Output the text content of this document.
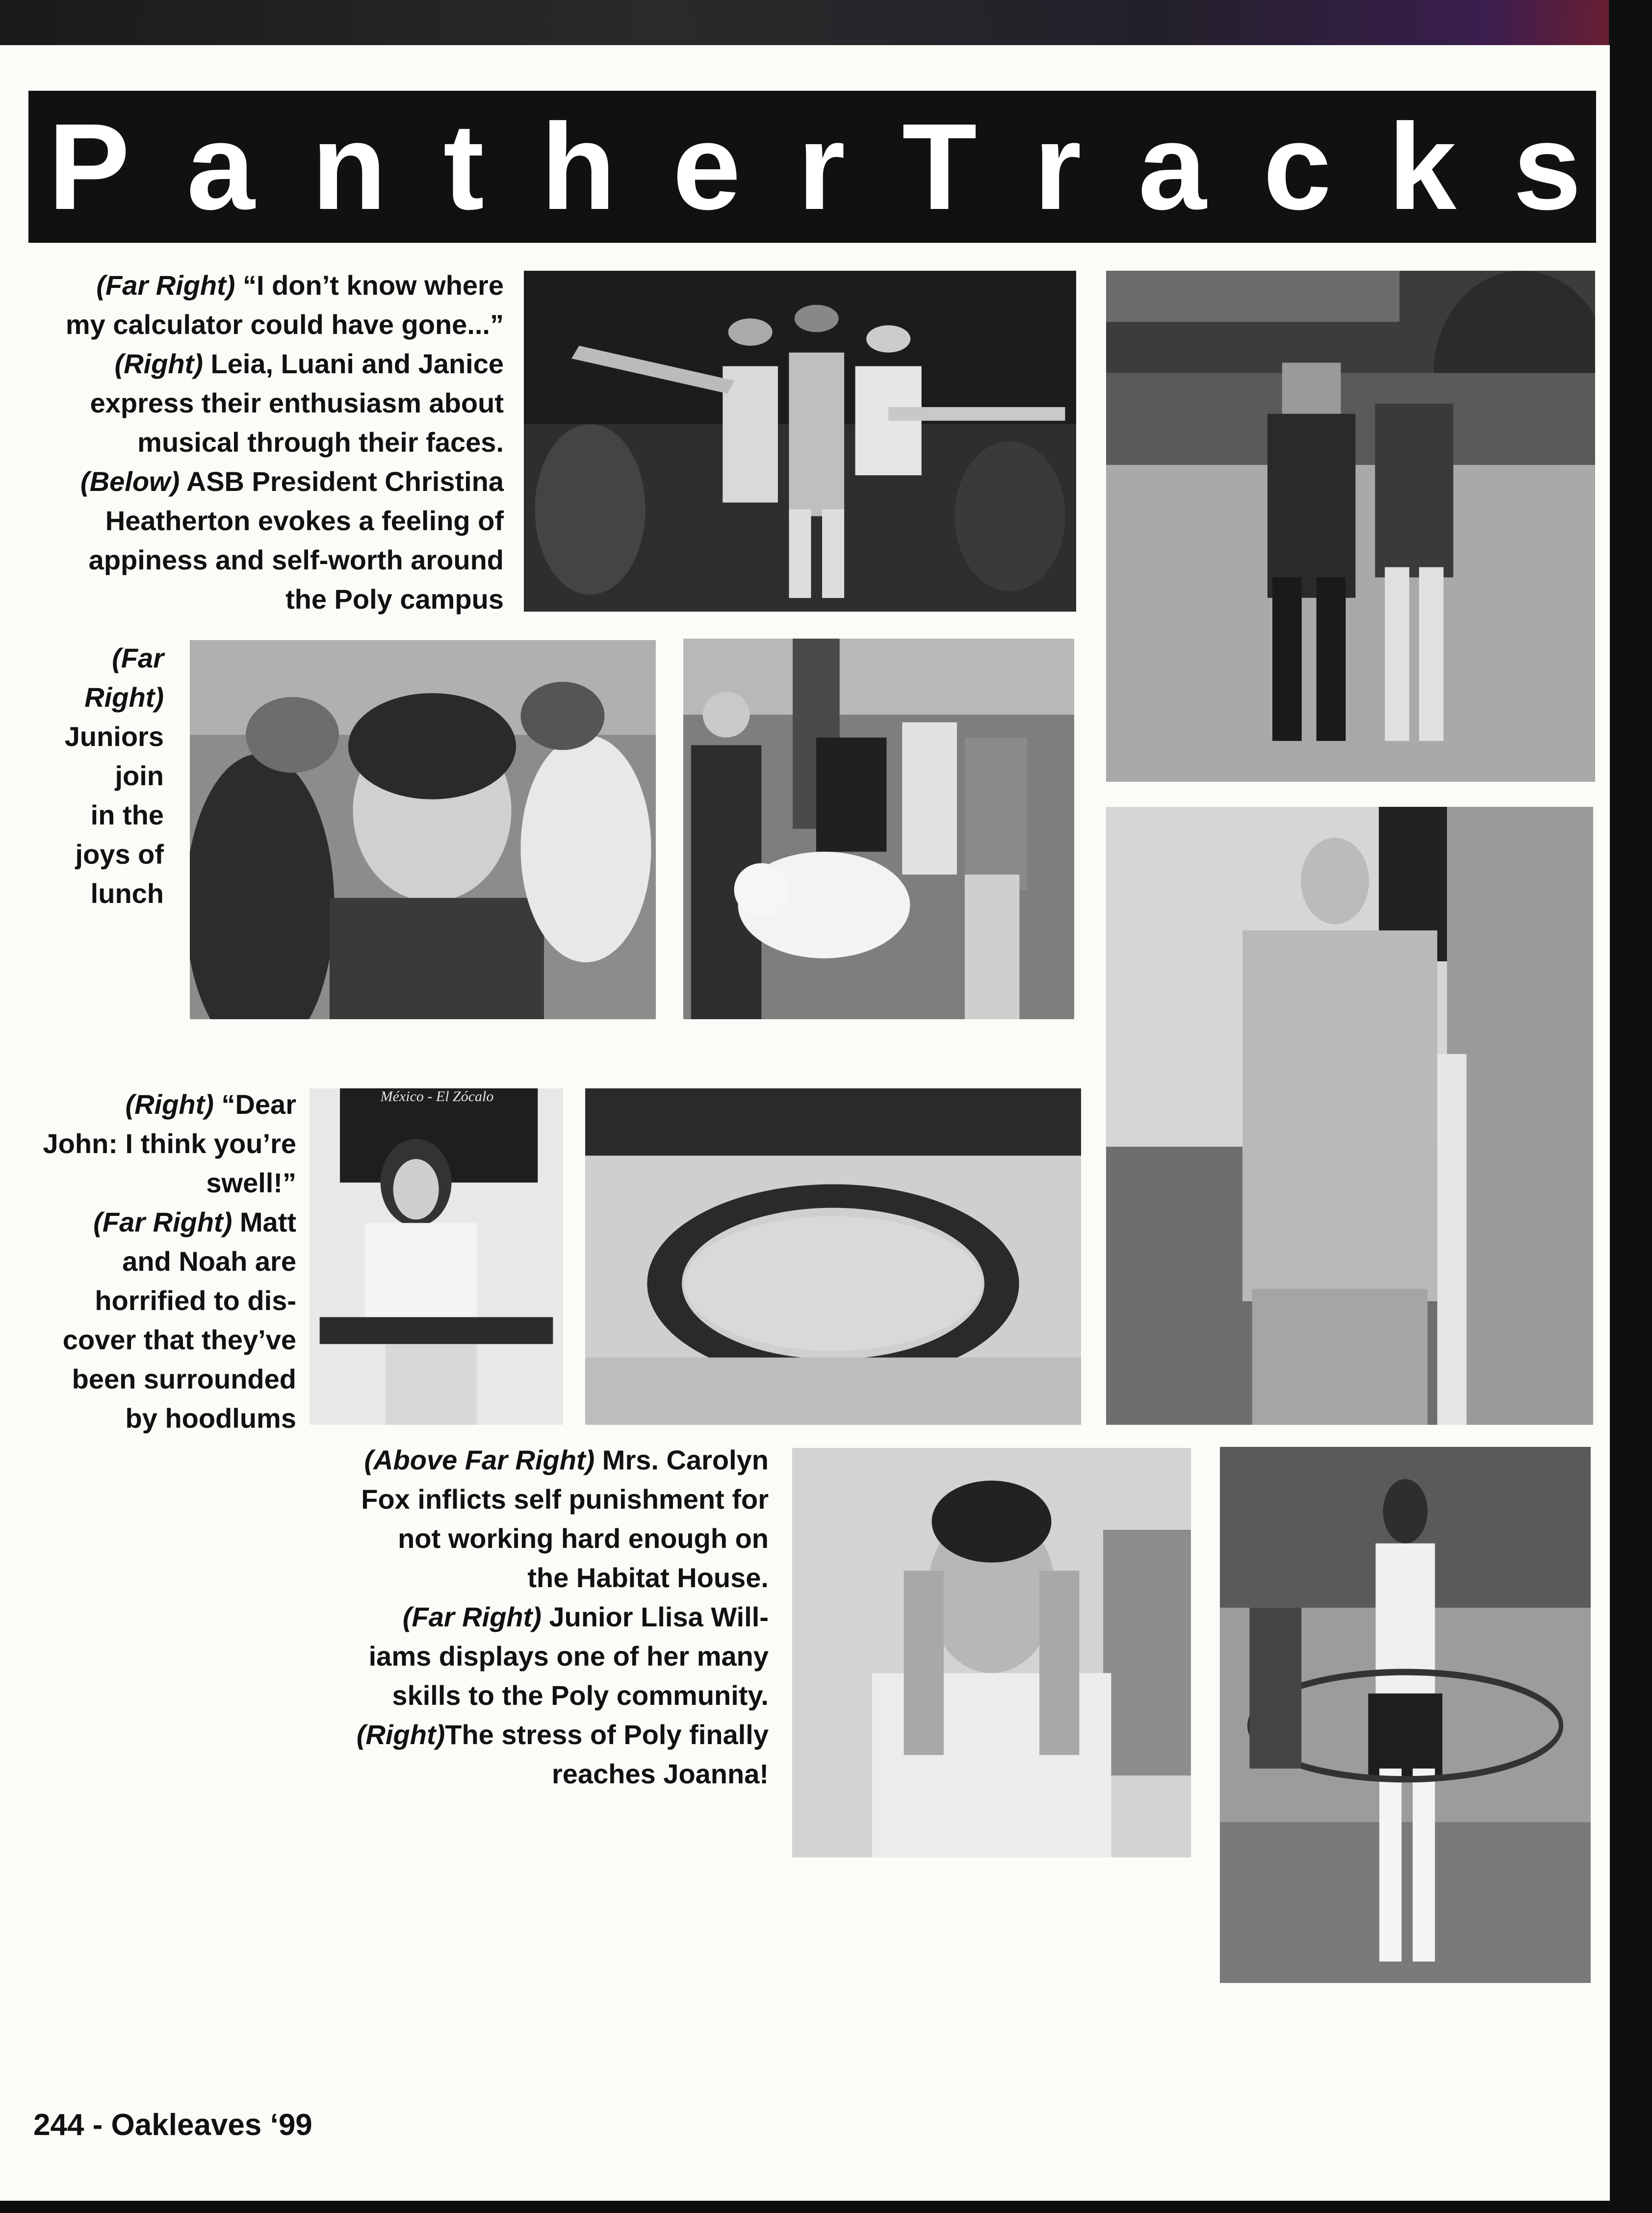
P a n t h e r T r a c k s
México - El Zócalo
(Far Right) “I don’t know where
my calculator could have gone...”
(Right) Leia, Luani and Janice
express their enthusiasm about
musical through their faces.
(Below) ASB President Christina
Heatherton evokes a feeling of
appiness and self-worth around
the Poly campus
(Far
Right)
Juniors
join
in the
joys of
lunch
(Right) “Dear
John: I think you’re
swell!”
(Far Right) Matt
and Noah are
horrified to dis-
cover that they’ve
been surrounded
by hoodlums
(Above Far Right) Mrs. Carolyn
Fox inflicts self punishment for
not working hard enough on
the Habitat House.
(Far Right) Junior Llisa Will-
iams displays one of her many
skills to the Poly community.
(Right)The stress of Poly finally
reaches Joanna!
244 - Oakleaves ‘99
